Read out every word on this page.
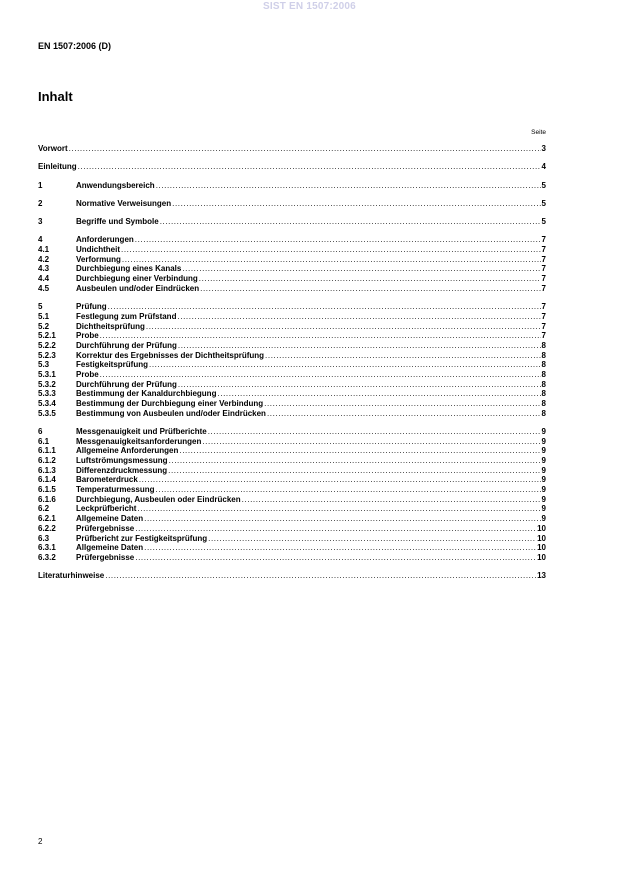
SIST EN 1507:2006
EN 1507:2006 (D)
Inhalt
Seite
Vorwort .....	3
Einleitung .....	4
1	Anwendungsbereich .....	5
2	Normative Verweisungen .....	5
3	Begriffe und Symbole .....	5
4	Anforderungen .....	7
4.1	Undichtheit .....	7
4.2	Verformung .....	7
4.3	Durchbiegung eines Kanals .....	7
4.4	Durchbiegung einer Verbindung .....	7
4.5	Ausbeulen und/oder Eindrücken .....	7
5	Prüfung .....	7
5.1	Festlegung zum Prüfstand .....	7
5.2	Dichtheitsprüfung .....	7
5.2.1	Probe .....	7
5.2.2	Durchführung der Prüfung .....	8
5.2.3	Korrektur des Ergebnisses der Dichtheitsprüfung .....	8
5.3	Festigkeitsprüfung .....	8
5.3.1	Probe .....	8
5.3.2	Durchführung der Prüfung .....	8
5.3.3	Bestimmung der Kanaldurchbiegung .....	8
5.3.4	Bestimmung der Durchbiegung einer Verbindung .....	8
5.3.5	Bestimmung von Ausbeulen und/oder Eindrücken .....	8
6	Messgenauigkeit und Prüfberichte .....	9
6.1	Messgenauigkeitsanforderungen .....	9
6.1.1	Allgemeine Anforderungen .....	9
6.1.2	Luftströmungsmessung .....	9
6.1.3	Differenzdruckmessung .....	9
6.1.4	Barometerdruck .....	9
6.1.5	Temperaturmessung .....	9
6.1.6	Durchbiegung, Ausbeulen oder Eindrücken .....	9
6.2	Leckprüfbericht .....	9
6.2.1	Allgemeine Daten .....	9
6.2.2	Prüfergebnisse .....	10
6.3	Prüfbericht zur Festigkeitsprüfung .....	10
6.3.1	Allgemeine Daten .....	10
6.3.2	Prüfergebnisse .....	10
Literaturhinweise .....	13
2
